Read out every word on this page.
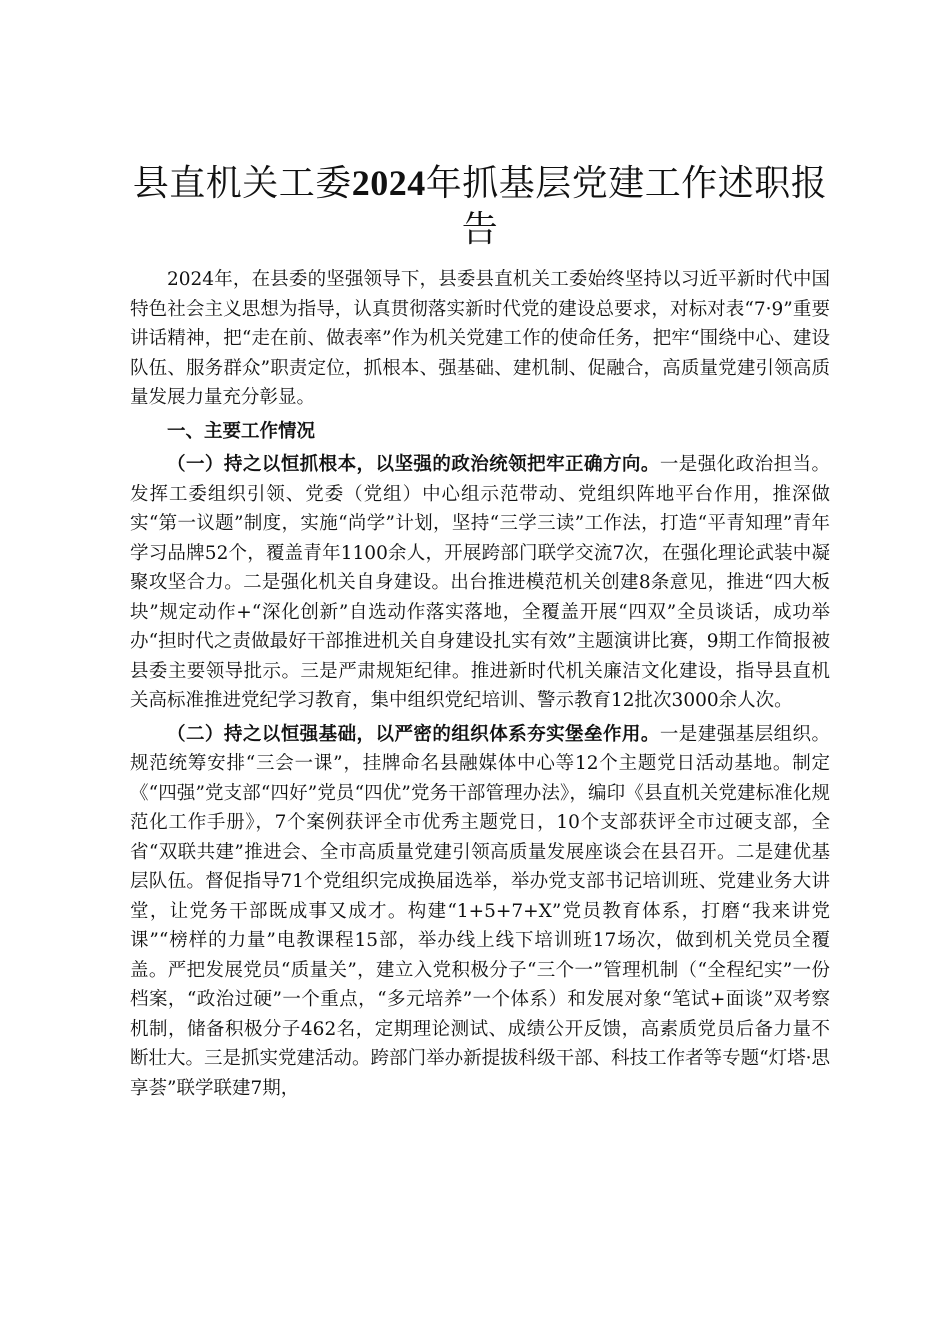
县直机关工委2024年抓基层党建工作述职报告

2024年，在县委的坚强领导下，县委县直机关工委始终坚持以习近平新时代中国特色社会主义思想为指导，认真贯彻落实新时代党的建设总要求，对标对表“7·9”重要讲话精神，把“走在前、做表率”作为机关党建工作的使命任务，把牢“围绕中心、建设队伍、服务群众”职责定位，抓根本、强基础、建机制、促融合，高质量党建引领高质量发展力量充分彰显。

一、主要工作情况

（一）持之以恒抓根本，以坚强的政治统领把牢正确方向。一是强化政治担当。发挥工委组织引领、党委（党组）中心组示范带动、党组织阵地平台作用，推深做实“第一议题”制度，实施“尚学”计划，坚持“三学三读”工作法，打造“平青知理”青年学习品牌52个，覆盖青年1100余人，开展跨部门联学交流7次，在强化理论武装中凝聚攻坚合力。二是强化机关自身建设。出台推进模范机关创建8条意见，推进“四大板块”规定动作+“深化创新”自选动作落实落地，全覆盖开展“四双”全员谈话，成功举办“担时代之责做最好干部推进机关自身建设扎实有效”主题演讲比赛，9期工作简报被县委主要领导批示。三是严肃规矩纪律。推进新时代机关廉洁文化建设，指导县直机关高标准推进党纪学习教育，集中组织党纪培训、警示教育12批次3000余人次。

（二）持之以恒强基础，以严密的组织体系夯实堡垒作用。一是建强基层组织。规范统筹安排“三会一课”，挂牌命名县融媒体中心等12个主题党日活动基地。制定《“四强”党支部“四好”党员“四优”党务干部管理办法》，编印《县直机关党建标准化规范化工作手册》，7个案例获评全市优秀主题党日，10个支部获评全市过硬支部，全省“双联共建”推进会、全市高质量党建引领高质量发展座谈会在县召开。二是建优基层队伍。督促指导71个党组织完成换届选举，举办党支部书记培训班、党建业务大讲堂，让党务干部既成事又成才。构建“1+5+7+X”党员教育体系，打磨“我来讲党课”“榜样的力量”电教课程15部，举办线上线下培训班17场次，做到机关党员全覆盖。严把发展党员“质量关”，建立入党积极分子“三个一”管理机制（“全程纪实”一份档案，“政治过硬”一个重点，“多元培养”一个体系）和发展对象“笔试+面谈”双考察机制，储备积极分子462名，定期理论测试、成绩公开反馈，高素质党员后备力量不断壮大。三是抓实党建活动。跨部门举办新提拔科级干部、科技工作者等专题“灯塔·思享荟”联学联建7期，
